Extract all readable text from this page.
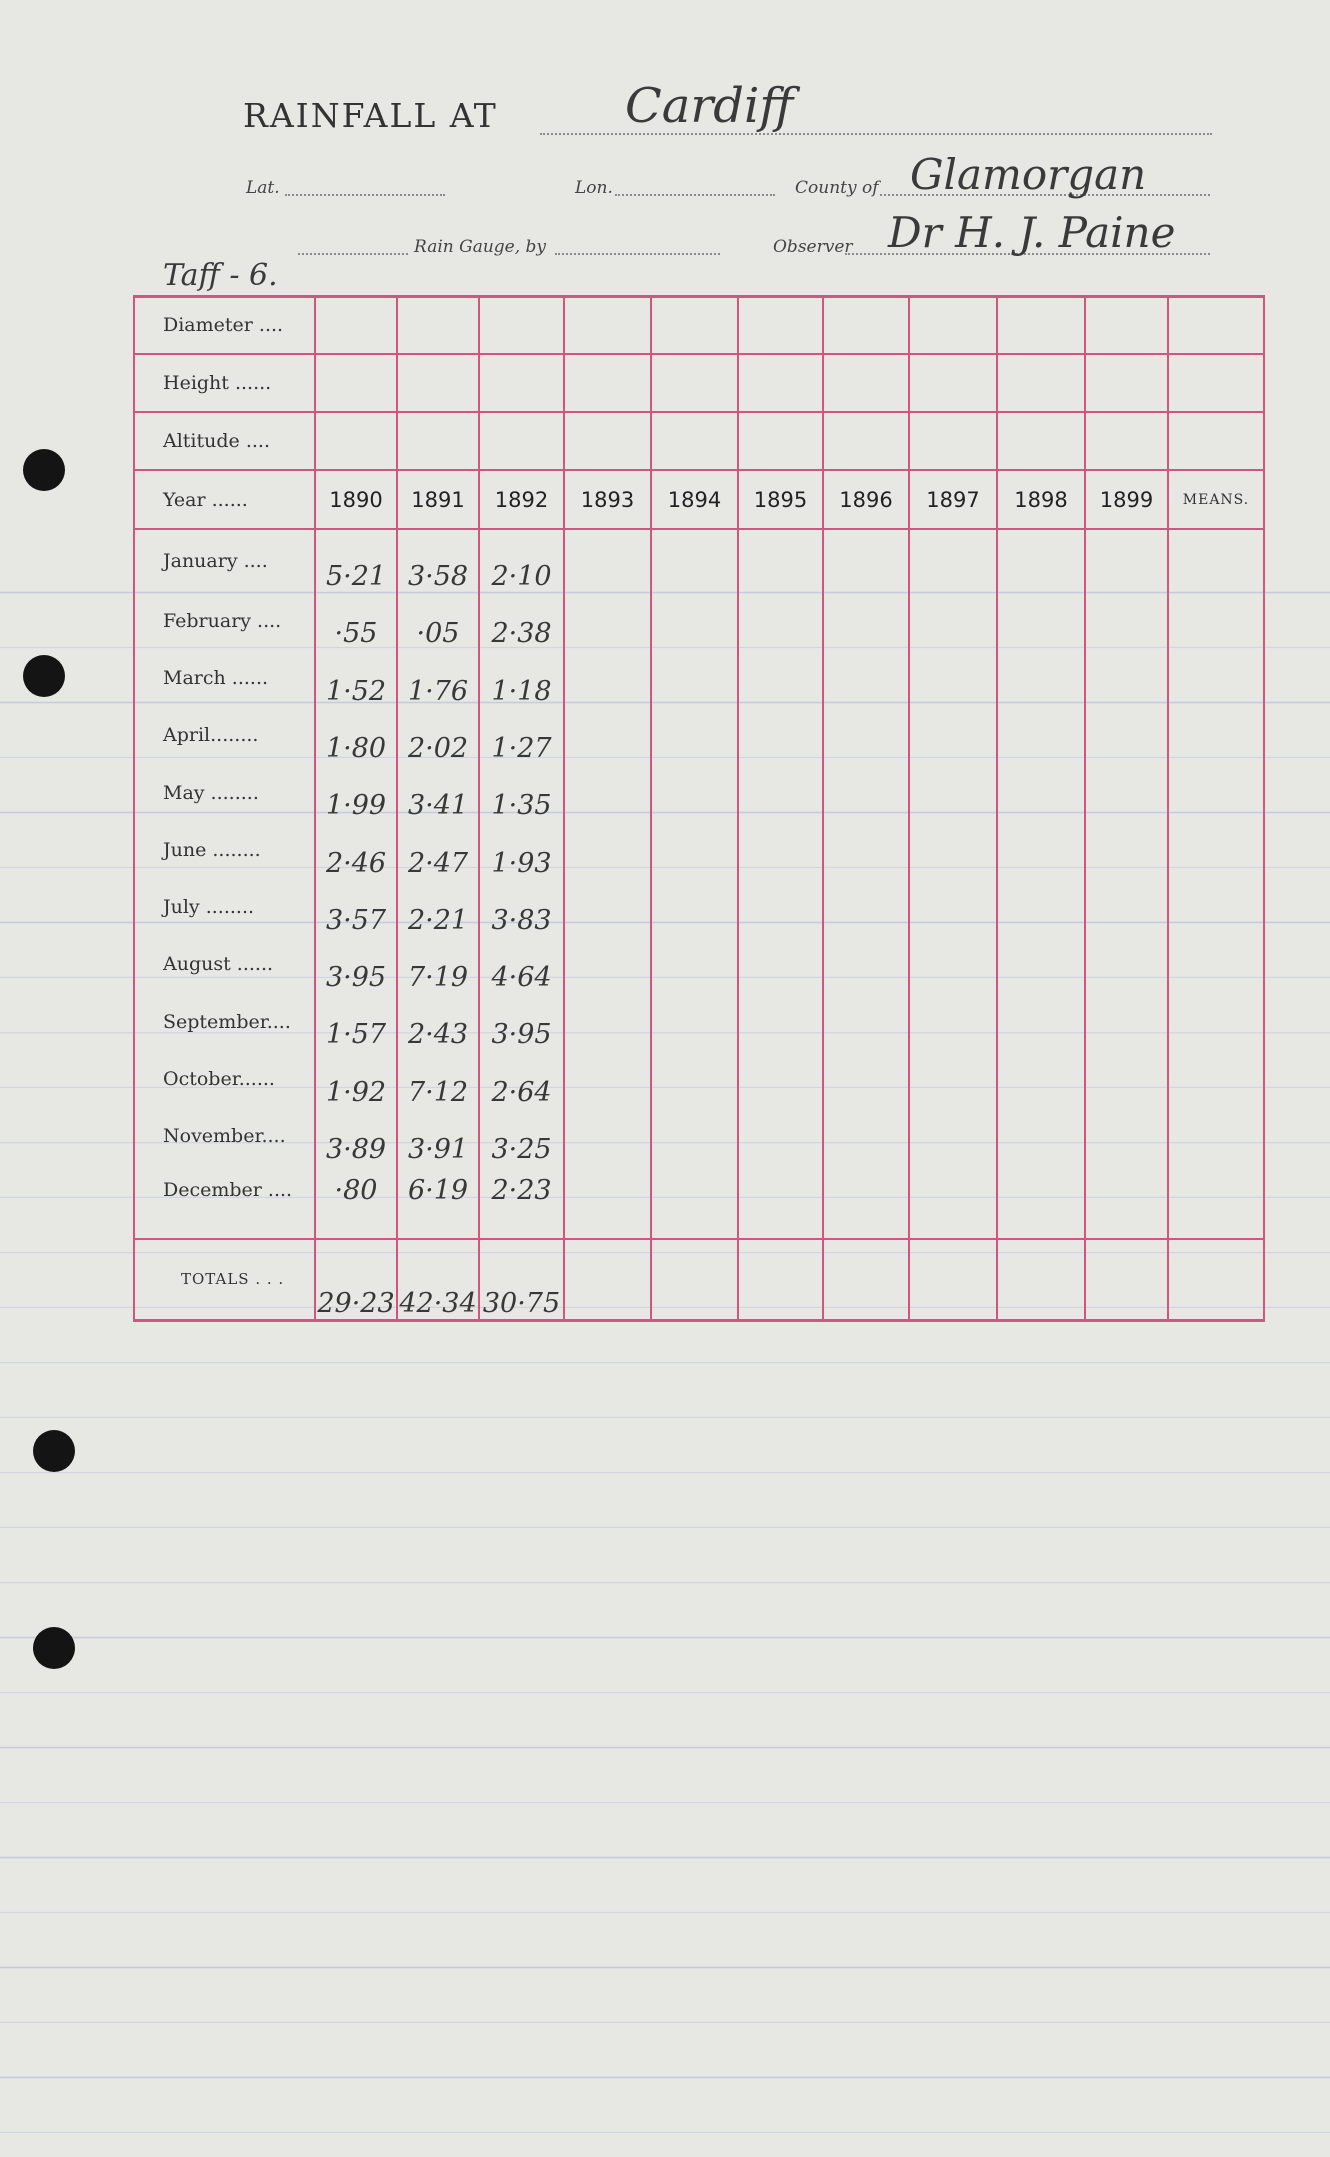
RAINFALL AT	Cardiff
Lat.	Lon.	County of Glamorgan
Rain Gauge, by	Observer Dr H. J. Paine
Taff - 6.
Diameter ....											
Height ......											
Altitude ....											
Year ......	1890	1891	1892	1893	1894	1895	1896	1897	1898	1899	MEANS.
January ....	5·21	3·58	2·10								
February ....	·55	·05	2·38								
March ......	1·52	1·76	1·18								
April........	1·80	2·02	1·27								
May ........	1·99	3·41	1·35								
June ........	2·46	2·47	1·93								
July ........	3·57	2·21	3·83								
August ......	3·95	7·19	4·64								
September....	1·57	2·43	3·95								
October......	1·92	7·12	2·64								
November....	3·89	3·91	3·25								
December ....	·80	6·19	2·23								
TOTALS . . .	29·23	42·34	30·75								
